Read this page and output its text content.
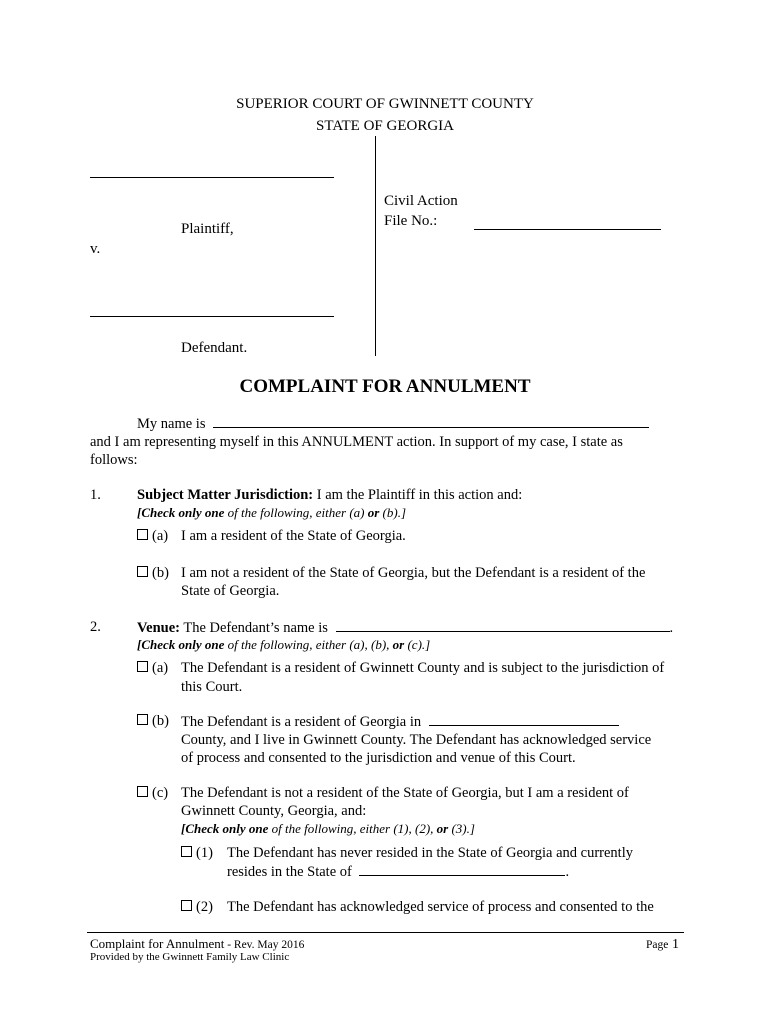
SUPERIOR COURT OF GWINNETT COUNTY
STATE OF GEORGIA
Plaintiff,
v.
Defendant.
Civil Action
File No.:
COMPLAINT FOR ANNULMENT
My name is
and I am representing myself in this ANNULMENT action. In support of my case, I state as
follows:
1. Subject Matter Jurisdiction: I am the Plaintiff in this action and:
[Check only one of the following, either (a) or (b).]
(a) I am a resident of the State of Georgia.
(b) I am not a resident of the State of Georgia, but the Defendant is a resident of the
State of Georgia.
2. Venue: The Defendant’s name is	.
[Check only one of the following, either (a), (b), or (c).]
(a) The Defendant is a resident of Gwinnett County and is subject to the jurisdiction of
this Court.
(b) The Defendant is a resident of Georgia in
County, and I live in Gwinnett County. The Defendant has acknowledged service
of process and consented to the jurisdiction and venue of this Court.
(c) The Defendant is not a resident of the State of Georgia, but I am a resident of
Gwinnett County, Georgia, and:
[Check only one of the following, either (1), (2), or (3).]
(1) The Defendant has never resided in the State of Georgia and currently
resides in the State of	.
(2) The Defendant has acknowledged service of process and consented to the
Complaint for Annulment - Rev. May 2016
Provided by the Gwinnett Family Law Clinic
Page 1
